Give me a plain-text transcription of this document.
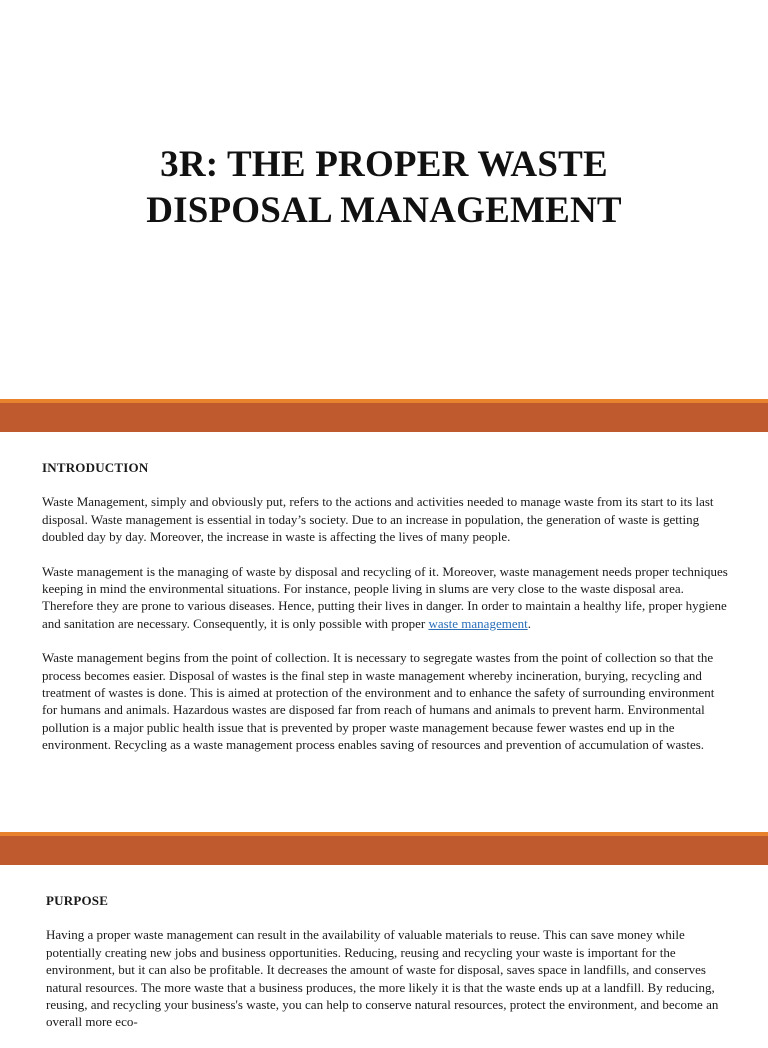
3R: THE PROPER WASTE
DISPOSAL MANAGEMENT

INTRODUCTION

Waste Management, simply and obviously put, refers to the actions and activities needed to manage waste from its start to its last disposal. Waste management is essential in today’s society. Due to an increase in population, the generation of waste is getting doubled day by day. Moreover, the increase in waste is affecting the lives of many people.

Waste management is the managing of waste by disposal and recycling of it. Moreover, waste management needs proper techniques keeping in mind the environmental situations. For instance, people living in slums are very close to the waste disposal area. Therefore they are prone to various diseases. Hence, putting their lives in danger. In order to maintain a healthy life, proper hygiene and sanitation are necessary. Consequently, it is only possible with proper waste management.

Waste management begins from the point of collection. It is necessary to segregate wastes from the point of collection so that the process becomes easier. Disposal of wastes is the final step in waste management whereby incineration, burying, recycling and treatment of wastes is done. This is aimed at protection of the environment and to enhance the safety of surrounding environment for humans and animals. Hazardous wastes are disposed far from reach of humans and animals to prevent harm. Environmental pollution is a major public health issue that is prevented by proper waste management because fewer wastes end up in the environment. Recycling as a waste management process enables saving of resources and prevention of accumulation of wastes.

PURPOSE

Having a proper waste management can result in the availability of valuable materials to reuse. This can save money while potentially creating new jobs and business opportunities. Reducing, reusing and recycling your waste is important for the environment, but it can also be profitable. It decreases the amount of waste for disposal, saves space in landfills, and conserves natural resources. The more waste that a business produces, the more likely it is that the waste ends up at a landfill. By reducing, reusing, and recycling your business's waste, you can help to conserve natural resources, protect the environment, and become an overall more eco-
